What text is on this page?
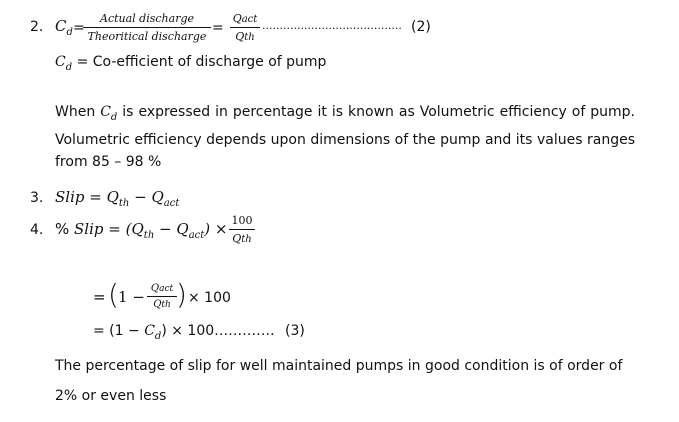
2. $C_d$ =
Actual discharge
Theoritical discharge
=
Qact
Qth
........................................ (2)
$C_d$ = Co-efficient of discharge of pump
When $C_d$ is expressed in percentage it is known as Volumetric efficiency of pump. Volumetric efficiency depends upon dimensions of the pump and its values ranges from 85 – 98 %
3. Slip = $Q_{th} - Q_{act}$
4. % Slip = $(Q_{th} - Q_{act}) \times 100$
Qth
= ( 1 − Qact
Qth ) × 100
= $(1 - C_d)$ × 100…………. (3)
The percentage of slip for well maintained pumps in good condition is of order of 2% or even less
